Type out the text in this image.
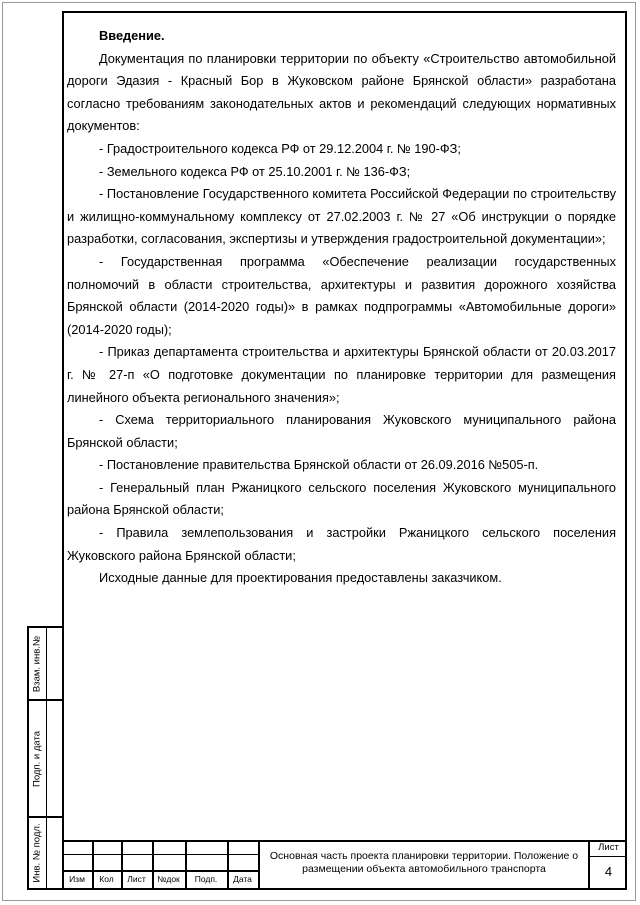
Введение.

Документация по планировки территории по объекту «Строительство автомобильной дороги Эдазия - Красный Бор в Жуковском районе Брянской области» разработана согласно требованиям законодательных актов и рекомендаций следующих нормативных документов:

- Градостроительного кодекса РФ от 29.12.2004 г. № 190-ФЗ;

- Земельного кодекса РФ от 25.10.2001 г. № 136-ФЗ;

- Постановление Государственного комитета Российской Федерации по строительству и жилищно-коммунальному комплексу от 27.02.2003 г. № 27 «Об инструкции о порядке разработки, согласования, экспертизы и утверждения градостроительной документации»;

- Государственная программа «Обеспечение реализации государственных полномочий в области строительства, архитектуры и развития дорожного хозяйства Брянской области (2014-2020 годы)» в рамках подпрограммы «Автомобильные дороги» (2014-2020 годы);

- Приказ департамента строительства и архитектуры Брянской области от 20.03.2017 г. № 27-п «О подготовке документации по планировке территории для размещения линейного объекта регионального значения»;

- Схема территориального планирования Жуковского муниципального района Брянской области;

- Постановление правительства Брянской области от 26.09.2016 №505-п.

- Генеральный план Ржаницкого сельского поселения Жуковского муниципального района Брянской области;

- Правила землепользования и застройки Ржаницкого сельского поселения Жуковского района Брянской области;

Исходные данные для проектирования предоставлены заказчиком.

Взам. инв.№
Подп. и дата
Инв. № подл.	Изм	Кол	Лист	№док	Подп.	Дата
Основная часть проекта планировки территории. Положение о размещении объекта автомобильного транспорта
Лист
4
